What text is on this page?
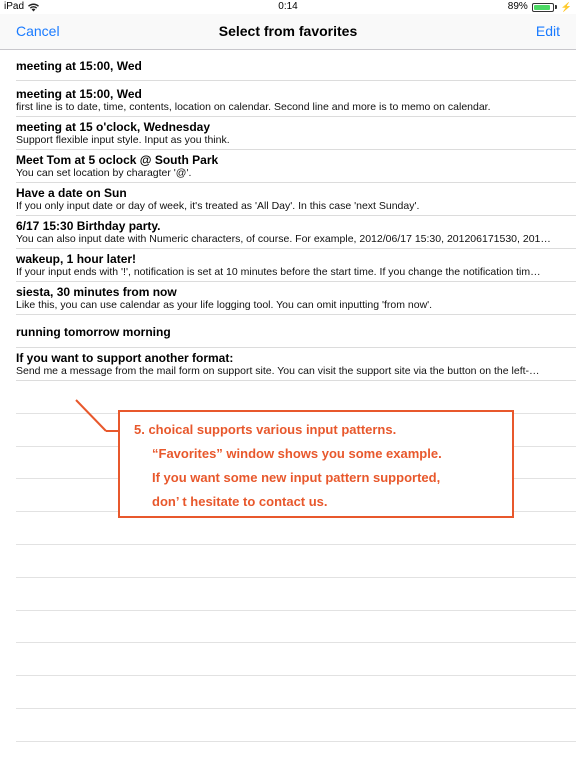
iPad	0:14	89%	⚡
Cancel	Select from favorites	Edit
meeting at 15:00, Wed
meeting at 15:00, Wed
first line is to date, time, contents, location on calendar. Second line and more is to memo on calendar.
meeting at 15 o'clock, Wednesday
Support flexible input style. Input as you think.
Meet Tom at 5 oclock @ South Park
You can set location by charagter '@'.
Have a date on Sun
If you only input date or day of week, it's treated as 'All Day'. In this case 'next Sunday'.
6/17 15:30 Birthday party.
You can also input date with Numeric characters, of course. For example, 2012/06/17 15:30, 201206171530, 201…
wakeup, 1 hour later!
If your input ends with '!', notification is set at 10 minutes before the start time. If you change the notification tim…
siesta, 30 minutes from now
Like this, you can use calendar as your life logging tool. You can omit inputting 'from now'.
running tomorrow morning
If you want to support another format:
Send me a message from the mail form on support site. You can visit the support site via the button on the left-…
5. choical supports various input patterns.
“Favorites” window shows you some example.
If you want some new input pattern supported,
don’ t hesitate to contact us.
